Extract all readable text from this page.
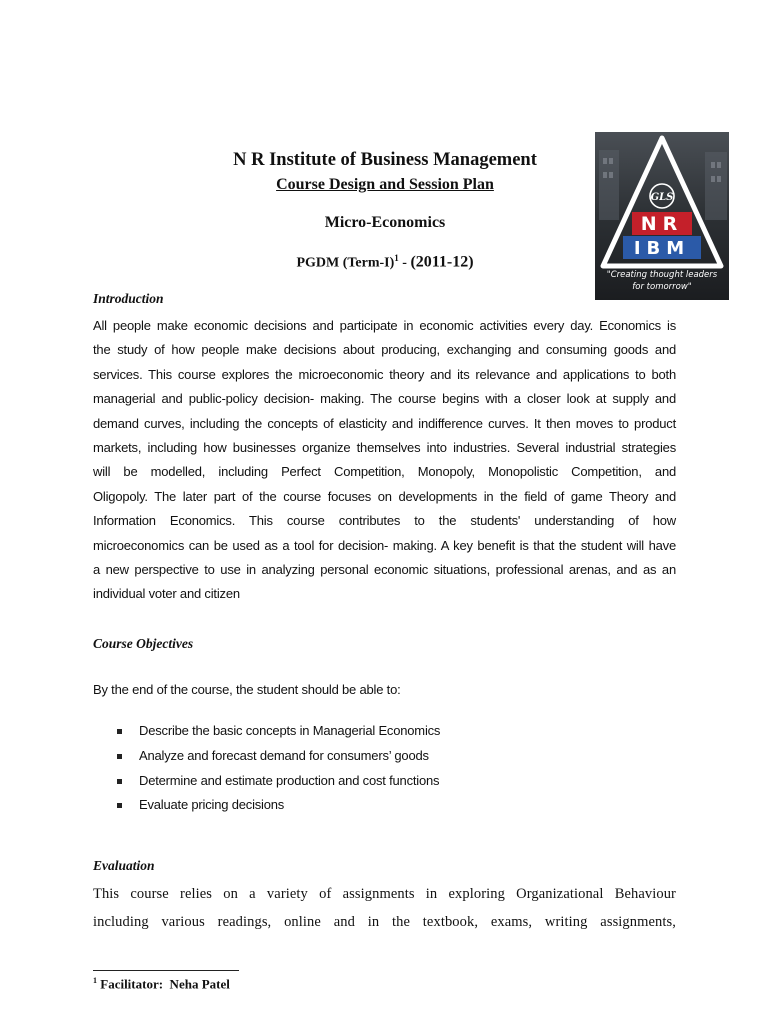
N R Institute of Business Management
Course Design and Session Plan
Micro-Economics
PGDM (Term-I)$^1$ - (2011-12)
GLS
NR
IBM
"Creating thought leaders
for tomorrow"
Introduction
All people make economic decisions and participate in economic activities every day. Economics is
the study of how people make decisions about producing, exchanging and consuming goods and
services. This course explores the microeconomic theory and its relevance and applications to both
managerial and public-policy decision- making. The course begins with a closer look at supply and
demand curves, including the concepts of elasticity and indifference curves. It then moves to product
markets, including how businesses organize themselves into industries. Several industrial strategies
will be modelled, including Perfect Competition, Monopoly, Monopolistic Competition, and
Oligopoly. The later part of the course focuses on developments in the field of game Theory and
Information Economics. This course contributes to the students' understanding of how
microeconomics can be used as a tool for decision- making. A key benefit is that the student will have
a new perspective to use in analyzing personal economic situations, professional arenas, and as an
individual voter and citizen
Course Objectives
By the end of the course, the student should be able to:
Describe the basic concepts in Managerial Economics
Analyze and forecast demand for consumers’ goods
Determine and estimate production and cost functions
Evaluate pricing decisions
Evaluation
This course relies on a variety of assignments in exploring Organizational Behaviour
including various readings, online and in the textbook, exams, writing assignments,
$^1$ Facilitator:  Neha Patel
